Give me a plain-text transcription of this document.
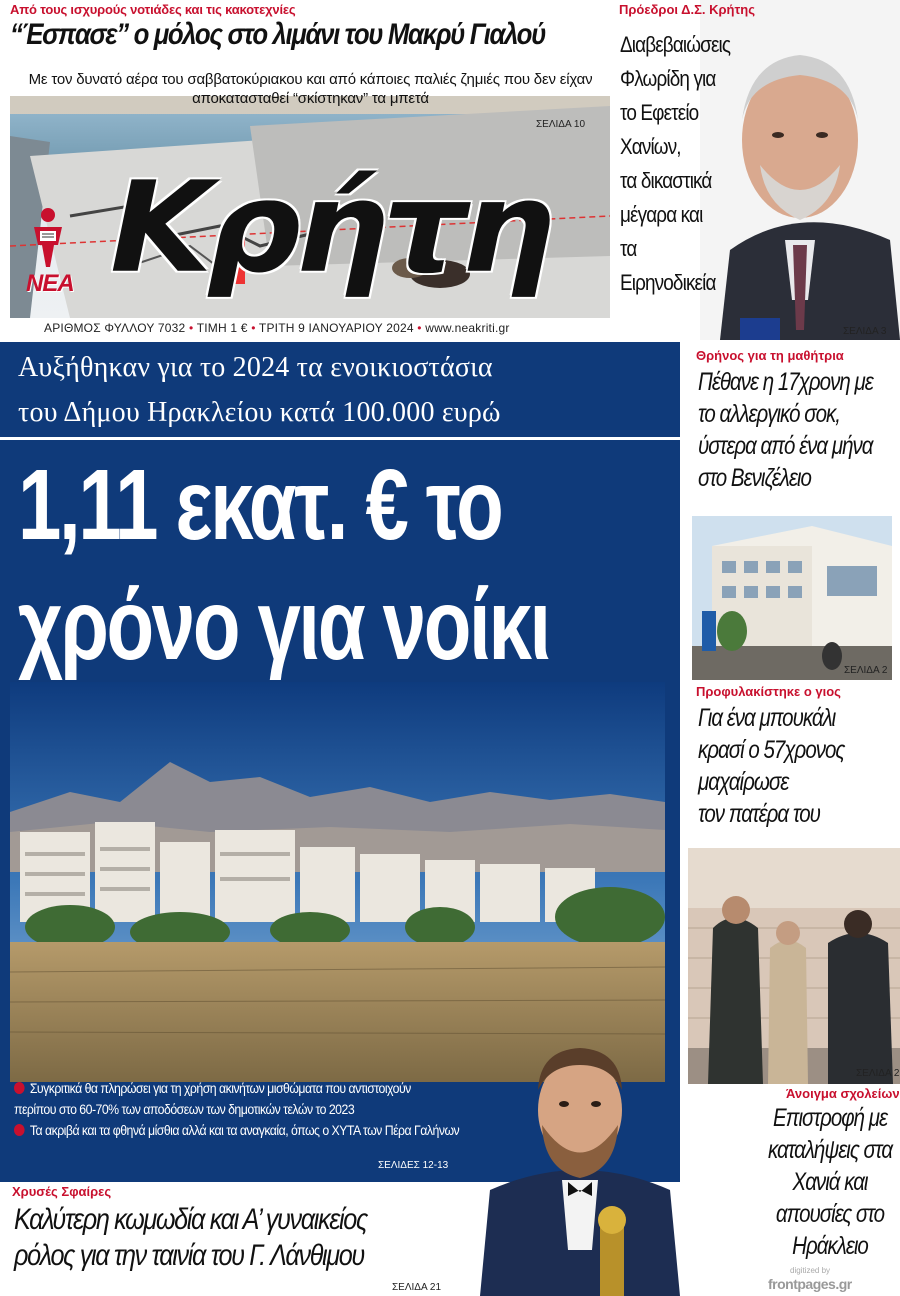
Από τους ισχυρούς νοτιάδες και τις κακοτεχνίες
“Έσπασε” ο μόλος στο λιμάνι του Μακρύ Γιαλού
Με τον δυνατό αέρα του σαββατοκύριακου και από κάποιες παλιές ζημιές που δεν είχαν αποκατασταθεί “σκίστηκαν” τα μπετά
ΣΕΛΙΔΑ 10
Κρήτη
ΝΕΑ
ΑΡΙΘΜΟΣ ΦΥΛΛΟΥ 7032 • ΤΙΜΗ 1 € • ΤΡΙΤΗ 9 ΙΑΝΟΥΑΡΙΟΥ 2024 • www.neakriti.gr
Πρόεδροι Δ.Σ. Κρήτης
Διαβεβαιώσεις
Φλωρίδη για
το Εφετείο
Χανίων,
τα δικαστικά
μέγαρα και
τα Ειρηνοδικεία
ΣΕΛΙΔΑ 3
Αυξήθηκαν για το 2024 τα ενοικιοστάσια
του Δήμου Ηρακλείου κατά 100.000 ευρώ
1,11 εκατ. € το
χρόνο για νοίκι
Συγκριτικά θα πληρώσει για τη χρήση ακινήτων μισθώματα που αντιστοιχούν
περίπου στο 60-70% των αποδόσεων των δημοτικών τελών το 2023
Τα ακριβά και τα φθηνά μίσθια αλλά και τα αναγκαία, όπως ο ΧΥΤΑ των Πέρα Γαλήνων
ΣΕΛΙΔΕΣ 12-13
Θρήνος για τη μαθήτρια
Πέθανε η 17χρονη με
το αλλεργικό σοκ,
ύστερα από ένα μήνα
στο Βενιζέλειο
ΣΕΛΙΔΑ 2
Προφυλακίστηκε ο γιος
Για ένα μπουκάλι
κρασί ο 57χρονος
μαχαίρωσε
τον πατέρα του
ΣΕΛΙΔΑ 2
Άνοιγμα σχολείων
Επιστροφή με
καταλήψεις στα
Χανιά και
απουσίες στο
Ηράκλειο
Χρυσές Σφαίρες
Καλύτερη κωμωδία και Α’ γυναικείος
ρόλος για την ταινία του Γ. Λάνθιμου
ΣΕΛΙΔΑ 21
digitized by
frontpages.gr
